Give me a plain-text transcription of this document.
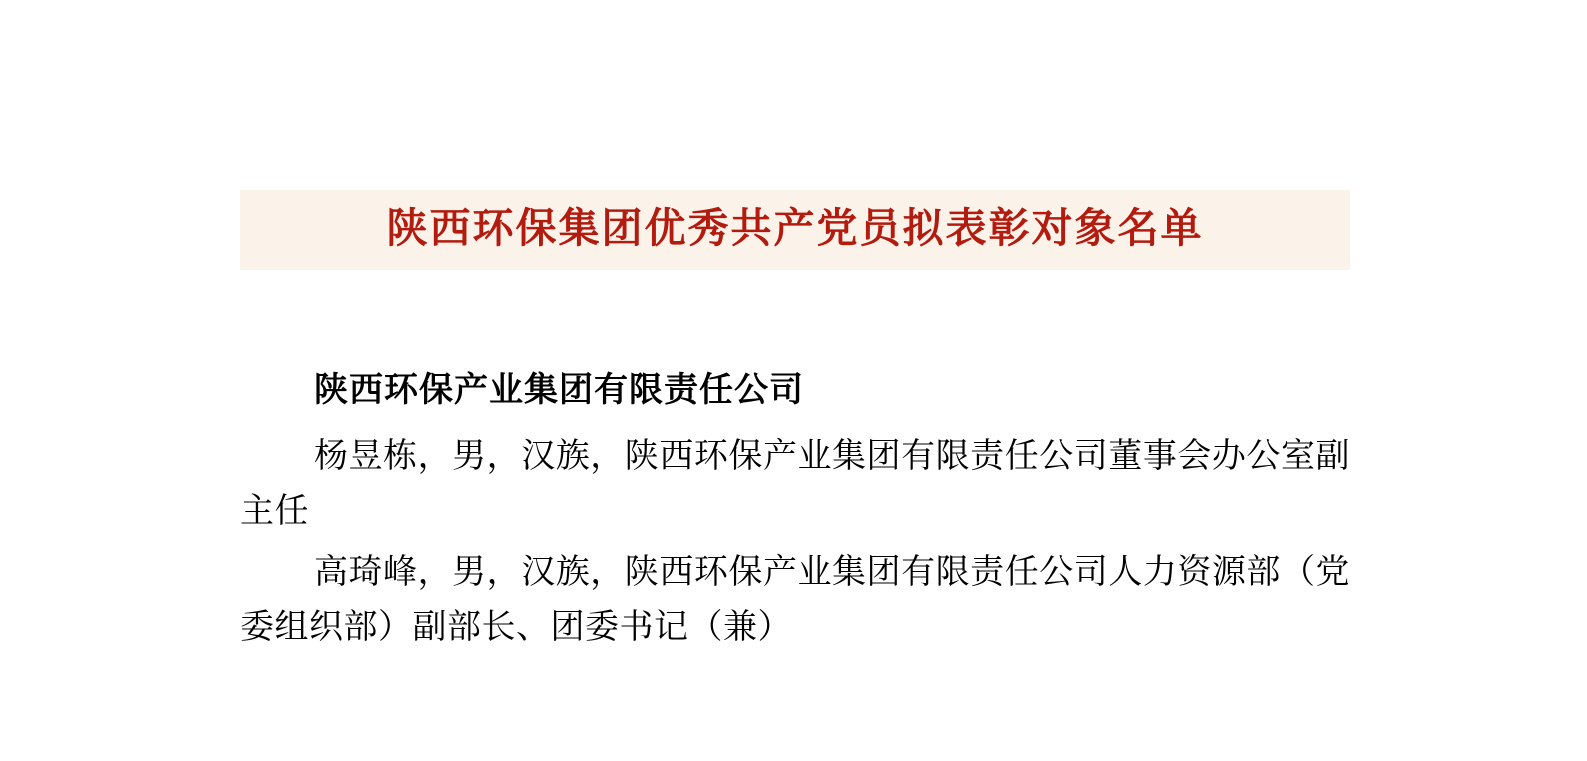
陕西环保集团优秀共产党员拟表彰对象名单
陕西环保产业集团有限责任公司

杨昱栋，男，汉族，陕西环保产业集团有限责任公司董事会办公室副主任

高琦峰，男，汉族，陕西环保产业集团有限责任公司人力资源部（党委组织部）副部长、团委书记（兼）
